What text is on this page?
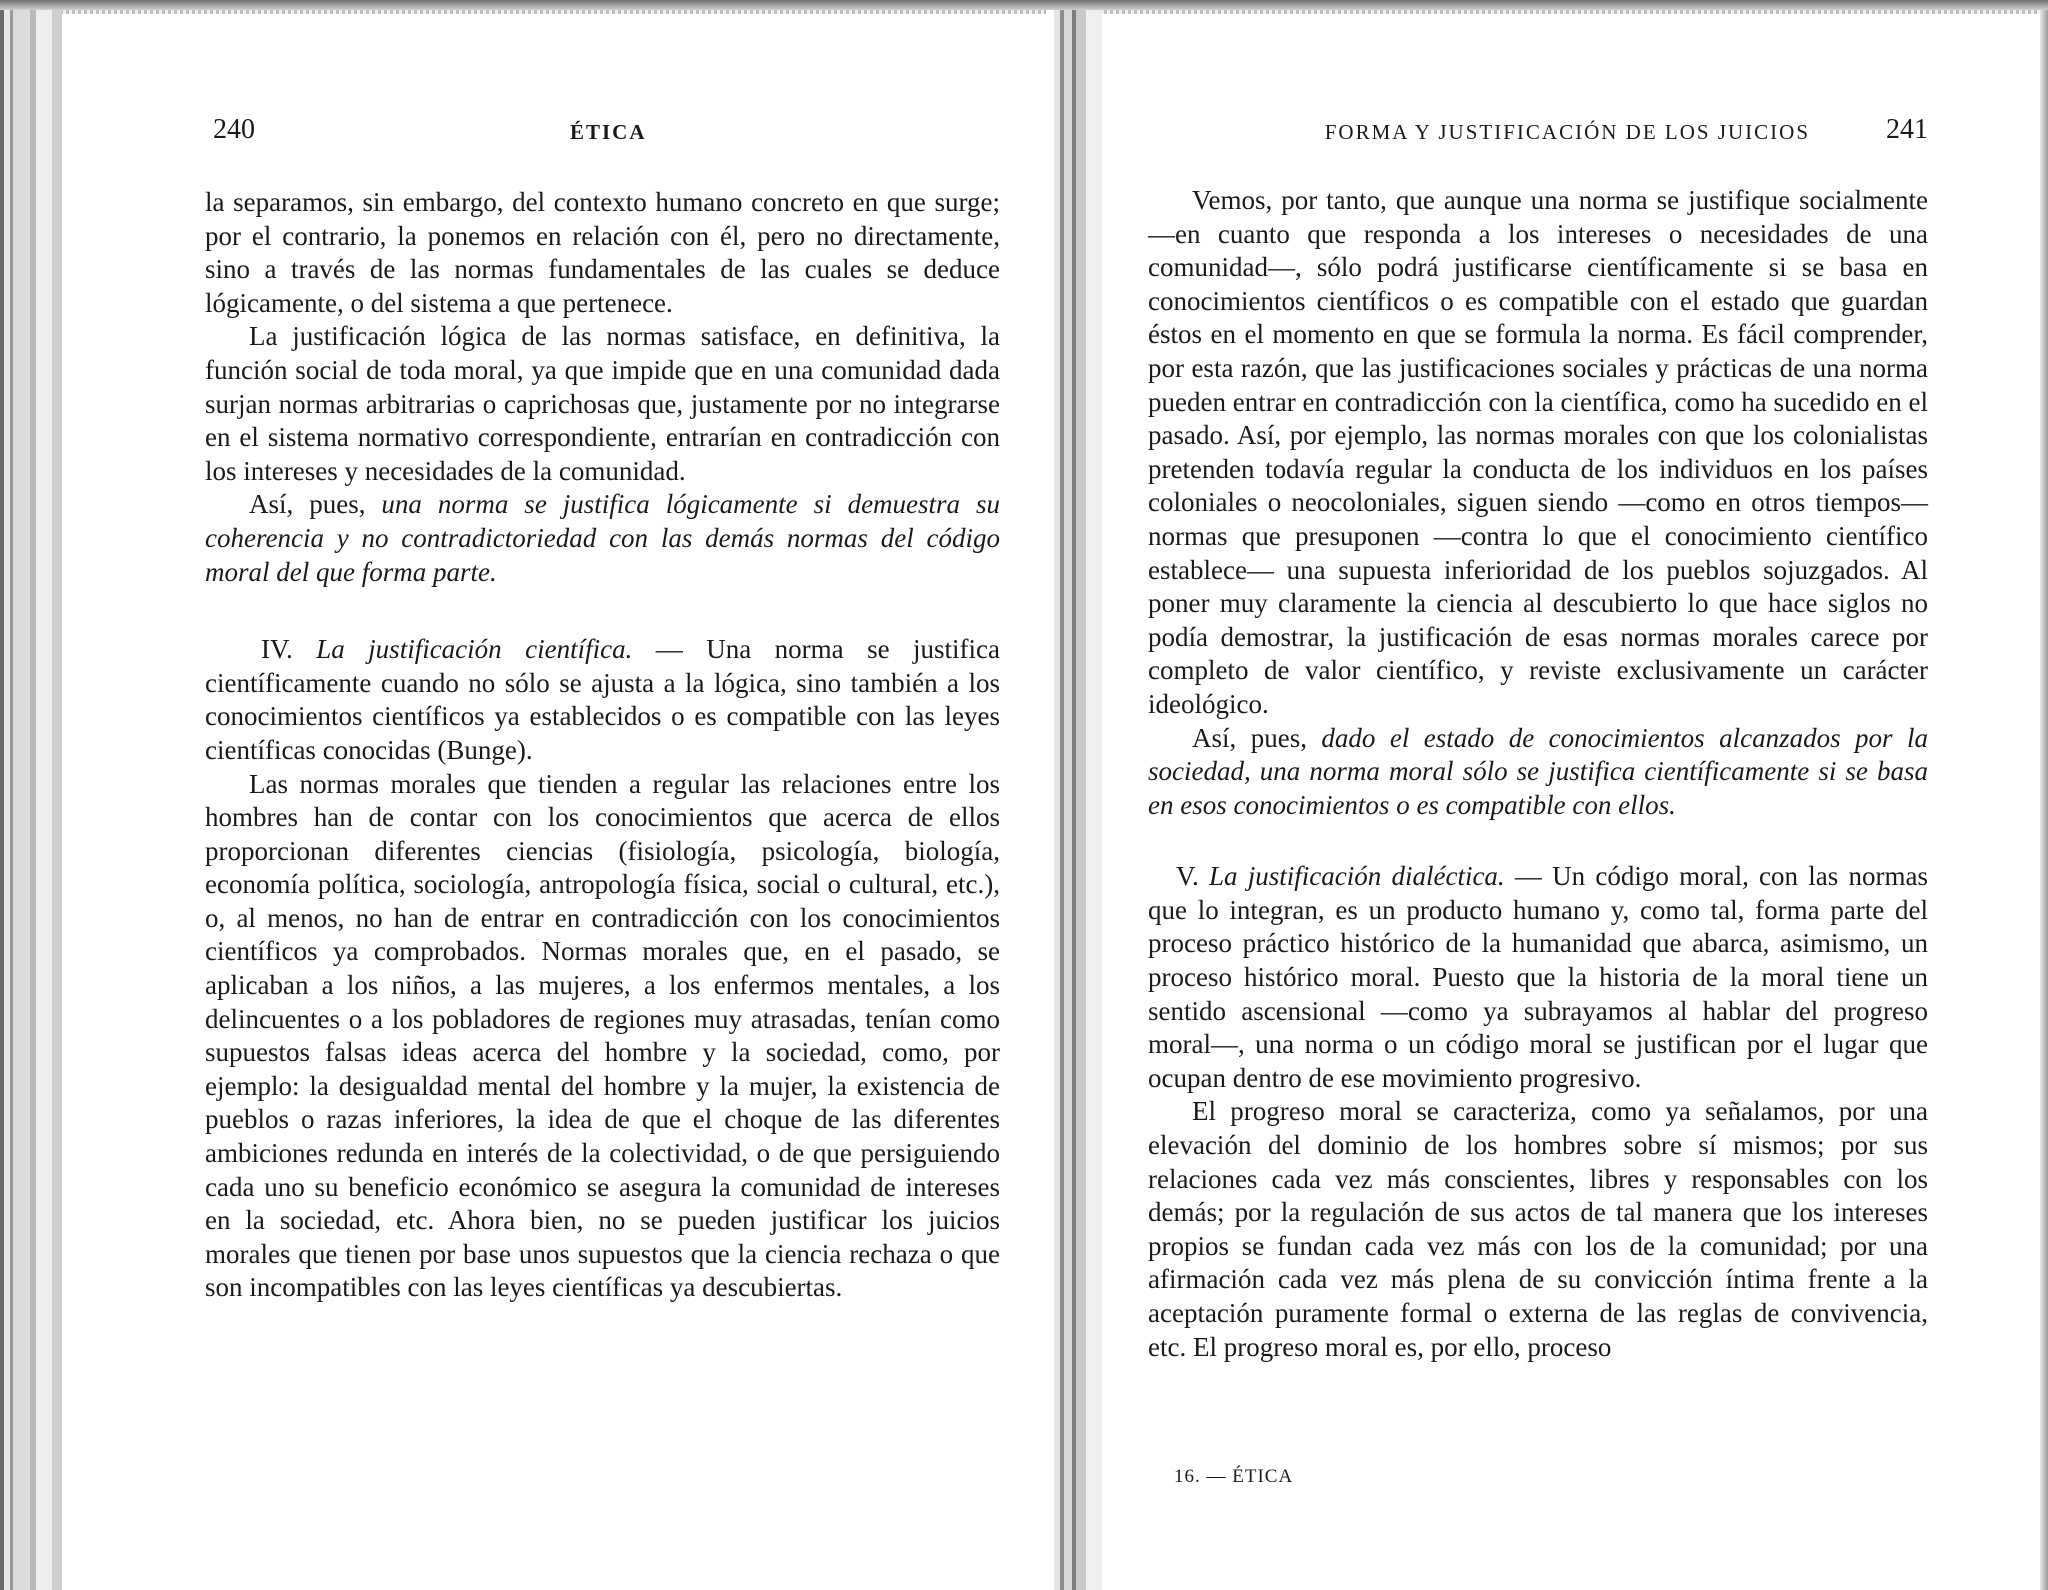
240	ÉTICA

la separamos, sin embargo, del contexto humano concreto en que surge; por el contrario, la ponemos en relación con él, pero no directamente, sino a través de las normas fundamentales de las cuales se deduce lógicamente, o del sistema a que pertenece.

La justificación lógica de las normas satisface, en definitiva, la función social de toda moral, ya que impide que en una comunidad dada surjan normas arbitrarias o caprichosas que, justamente por no integrarse en el sistema normativo correspondiente, entrarían en contradicción con los intereses y necesidades de la comunidad.

Así, pues, una norma se justifica lógicamente si demuestra su coherencia y no contradictoriedad con las demás normas del código moral del que forma parte.

IV. La justificación científica. — Una norma se justifica científicamente cuando no sólo se ajusta a la lógica, sino también a los conocimientos científicos ya establecidos o es compatible con las leyes científicas conocidas (Bunge).

Las normas morales que tienden a regular las relaciones entre los hombres han de contar con los conocimientos que acerca de ellos proporcionan diferentes ciencias (fisiología, psicología, biología, economía política, sociología, antropología física, social o cultural, etc.), o, al menos, no han de entrar en contradicción con los conocimientos científicos ya comprobados. Normas morales que, en el pasado, se aplicaban a los niños, a las mujeres, a los enfermos mentales, a los delincuentes o a los pobladores de regiones muy atrasadas, tenían como supuestos falsas ideas acerca del hombre y la sociedad, como, por ejemplo: la desigualdad mental del hombre y la mujer, la existencia de pueblos o razas inferiores, la idea de que el choque de las diferentes ambiciones redunda en interés de la colectividad, o de que persiguiendo cada uno su beneficio económico se asegura la comunidad de intereses en la sociedad, etc. Ahora bien, no se pueden justificar los juicios morales que tienen por base unos supuestos que la ciencia rechaza o que son incompatibles con las leyes científicas ya descubiertas.

FORMA Y JUSTIFICACIÓN DE LOS JUICIOS	241

Vemos, por tanto, que aunque una norma se justifique socialmente —en cuanto que responda a los intereses o necesidades de una comunidad—, sólo podrá justificarse científicamente si se basa en conocimientos científicos o es compatible con el estado que guardan éstos en el momento en que se formula la norma. Es fácil comprender, por esta razón, que las justificaciones sociales y prácticas de una norma pueden entrar en contradicción con la científica, como ha sucedido en el pasado. Así, por ejemplo, las normas morales con que los colonialistas pretenden todavía regular la conducta de los individuos en los países coloniales o neocoloniales, siguen siendo —como en otros tiempos— normas que presuponen —contra lo que el conocimiento científico establece— una supuesta inferioridad de los pueblos sojuzgados. Al poner muy claramente la ciencia al descubierto lo que hace siglos no podía demostrar, la justificación de esas normas morales carece por completo de valor científico, y reviste exclusivamente un carácter ideológico.

Así, pues, dado el estado de conocimientos alcanzados por la sociedad, una norma moral sólo se justifica científicamente si se basa en esos conocimientos o es compatible con ellos.

V. La justificación dialéctica. — Un código moral, con las normas que lo integran, es un producto humano y, como tal, forma parte del proceso práctico histórico de la humanidad que abarca, asimismo, un proceso histórico moral. Puesto que la historia de la moral tiene un sentido ascensional —como ya subrayamos al hablar del progreso moral—, una norma o un código moral se justifican por el lugar que ocupan dentro de ese movimiento progresivo.

El progreso moral se caracteriza, como ya señalamos, por una elevación del dominio de los hombres sobre sí mismos; por sus relaciones cada vez más conscientes, libres y responsables con los demás; por la regulación de sus actos de tal manera que los intereses propios se fundan cada vez más con los de la comunidad; por una afirmación cada vez más plena de su convicción íntima frente a la aceptación puramente formal o externa de las reglas de convivencia, etc. El progreso moral es, por ello, proceso

16. — ÉTICA
